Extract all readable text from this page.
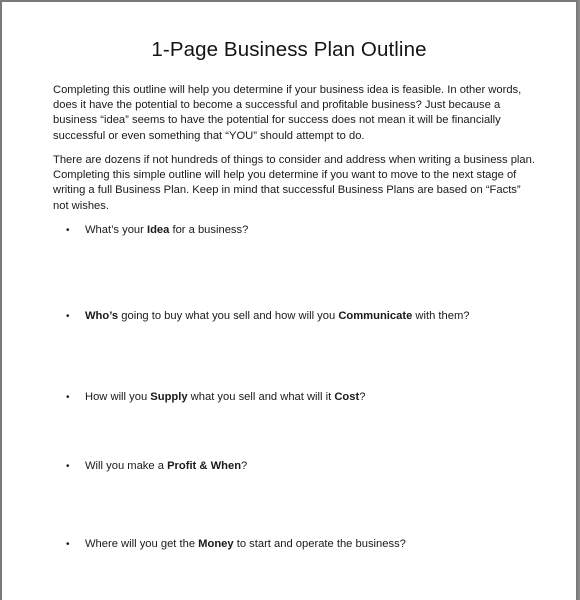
1-Page Business Plan Outline

Completing this outline will help you determine if your business idea is feasible. In other words, does it have the potential to become a successful and profitable business? Just because a business “idea” seems to have the potential for success does not mean it will be financially successful or even something that “YOU” should attempt to do.

There are dozens if not hundreds of things to consider and address when writing a business plan. Completing this simple outline will help you determine if you want to move to the next stage of writing a full Business Plan. Keep in mind that successful Business Plans are based on “Facts” not wishes.

• What’s your Idea for a business?
• Who’s going to buy what you sell and how will you Communicate with them?
• How will you Supply what you sell and what will it Cost?
• Will you make a Profit & When?
• Where will you get the Money to start and operate the business?
